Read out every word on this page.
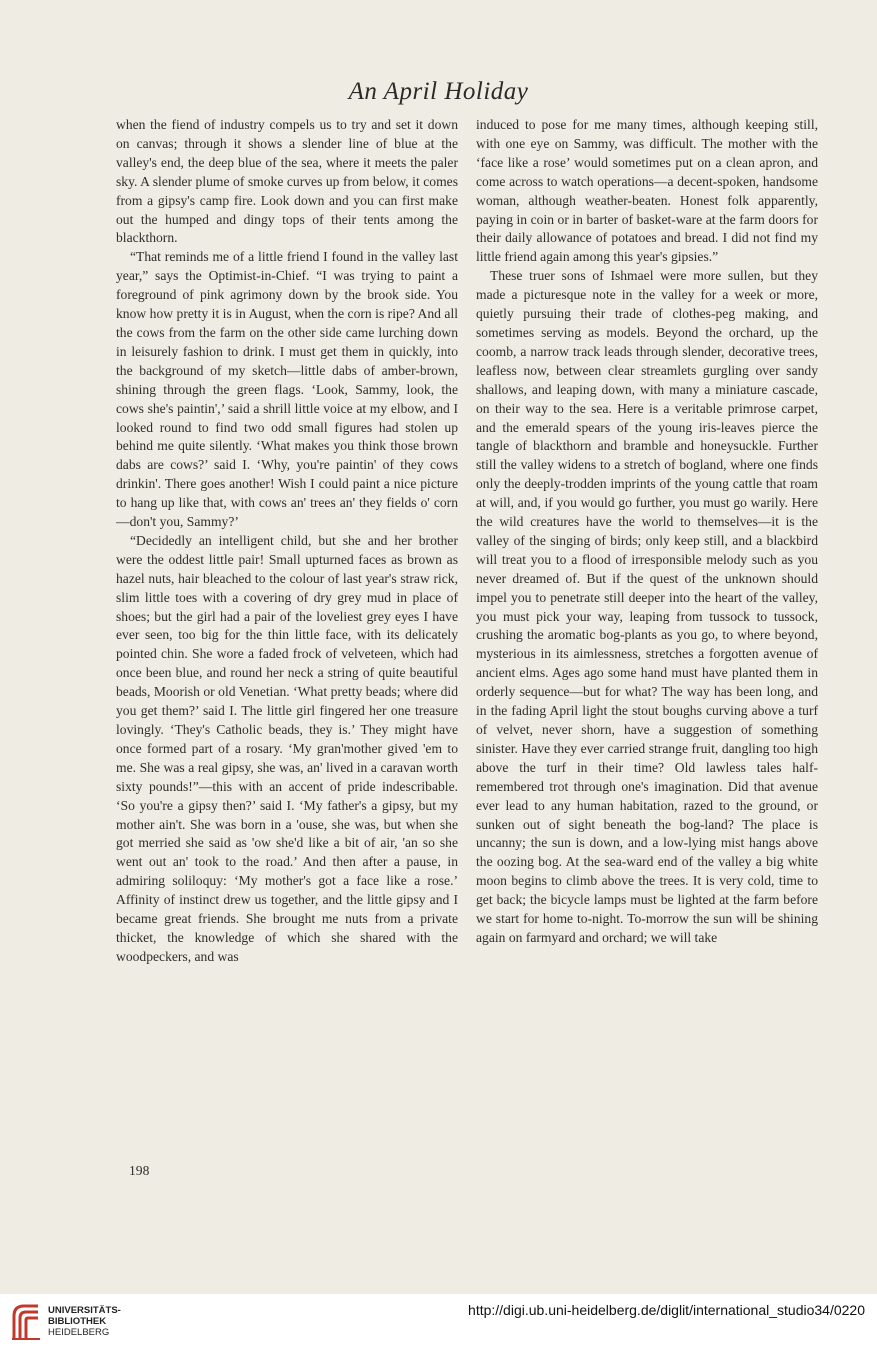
An April Holiday

when the fiend of industry compels us to try and set it down on canvas; through it shows a slender line of blue at the valley's end, the deep blue of the sea, where it meets the paler sky. A slender plume of smoke curves up from below, it comes from a gipsy's camp fire. Look down and you can first make out the humped and dingy tops of their tents among the blackthorn.

“That reminds me of a little friend I found in the valley last year,” says the Optimist-in-Chief. “I was trying to paint a foreground of pink agrimony down by the brook side. You know how pretty it is in August, when the corn is ripe? And all the cows from the farm on the other side came lurching down in leisurely fashion to drink. I must get them in quickly, into the background of my sketch—little dabs of amber-brown, shining through the green flags. ‘Look, Sammy, look, the cows she's paintin',’ said a shrill little voice at my elbow, and I looked round to find two odd small figures had stolen up behind me quite silently. ‘What makes you think those brown dabs are cows?’ said I. ‘Why, you're paintin' of they cows drinkin'. There goes another! Wish I could paint a nice picture to hang up like that, with cows an' trees an' they fields o' corn—don't you, Sammy?’

“Decidedly an intelligent child, but she and her brother were the oddest little pair! Small upturned faces as brown as hazel nuts, hair bleached to the colour of last year's straw rick, slim little toes with a covering of dry grey mud in place of shoes; but the girl had a pair of the loveliest grey eyes I have ever seen, too big for the thin little face, with its delicately pointed chin. She wore a faded frock of velveteen, which had once been blue, and round her neck a string of quite beautiful beads, Moorish or old Venetian. ‘What pretty beads; where did you get them?’ said I. The little girl fingered her one treasure lovingly. ‘They's Catholic beads, they is.’ They might have once formed part of a rosary. ‘My gran'mother gived 'em to me. She was a real gipsy, she was, an' lived in a caravan worth sixty pounds!”—this with an accent of pride indescribable. ‘So you're a gipsy then?’ said I. ‘My father's a gipsy, but my mother ain't. She was born in a 'ouse, she was, but when she got merried she said as 'ow she'd like a bit of air, 'an so she went out an' took to the road.’ And then after a pause, in admiring soliloquy: ‘My mother's got a face like a rose.’ Affinity of instinct drew us together, and the little gipsy and I became great friends. She brought me nuts from a private thicket, the knowledge of which she shared with the woodpeckers, and was

induced to pose for me many times, although keeping still, with one eye on Sammy, was difficult. The mother with the ‘face like a rose’ would sometimes put on a clean apron, and come across to watch operations—a decent-spoken, handsome woman, although weather-beaten. Honest folk apparently, paying in coin or in barter of basket-ware at the farm doors for their daily allowance of potatoes and bread. I did not find my little friend again among this year's gipsies.”

These truer sons of Ishmael were more sullen, but they made a picturesque note in the valley for a week or more, quietly pursuing their trade of clothes-peg making, and sometimes serving as models. Beyond the orchard, up the coomb, a narrow track leads through slender, decorative trees, leafless now, between clear streamlets gurgling over sandy shallows, and leaping down, with many a miniature cascade, on their way to the sea. Here is a veritable primrose carpet, and the emerald spears of the young iris-leaves pierce the tangle of blackthorn and bramble and honeysuckle. Further still the valley widens to a stretch of bogland, where one finds only the deeply-trodden imprints of the young cattle that roam at will, and, if you would go further, you must go warily. Here the wild creatures have the world to themselves—it is the valley of the singing of birds; only keep still, and a blackbird will treat you to a flood of irresponsible melody such as you never dreamed of. But if the quest of the unknown should impel you to penetrate still deeper into the heart of the valley, you must pick your way, leaping from tussock to tussock, crushing the aromatic bog-plants as you go, to where beyond, mysterious in its aimlessness, stretches a forgotten avenue of ancient elms. Ages ago some hand must have planted them in orderly sequence—but for what? The way has been long, and in the fading April light the stout boughs curving above a turf of velvet, never shorn, have a suggestion of something sinister. Have they ever carried strange fruit, dangling too high above the turf in their time? Old lawless tales half-remembered trot through one's imagination. Did that avenue ever lead to any human habitation, razed to the ground, or sunken out of sight beneath the bog-land? The place is uncanny; the sun is down, and a low-lying mist hangs above the oozing bog. At the sea-ward end of the valley a big white moon begins to climb above the trees. It is very cold, time to get back; the bicycle lamps must be lighted at the farm before we start for home to-night. To-morrow the sun will be shining again on farmyard and orchard; we will take

198
UNIVERSITÄTS-
BIBLIOTHEK
HEIDELBERG
http://digi.ub.uni-heidelberg.de/diglit/international_studio34/0220
